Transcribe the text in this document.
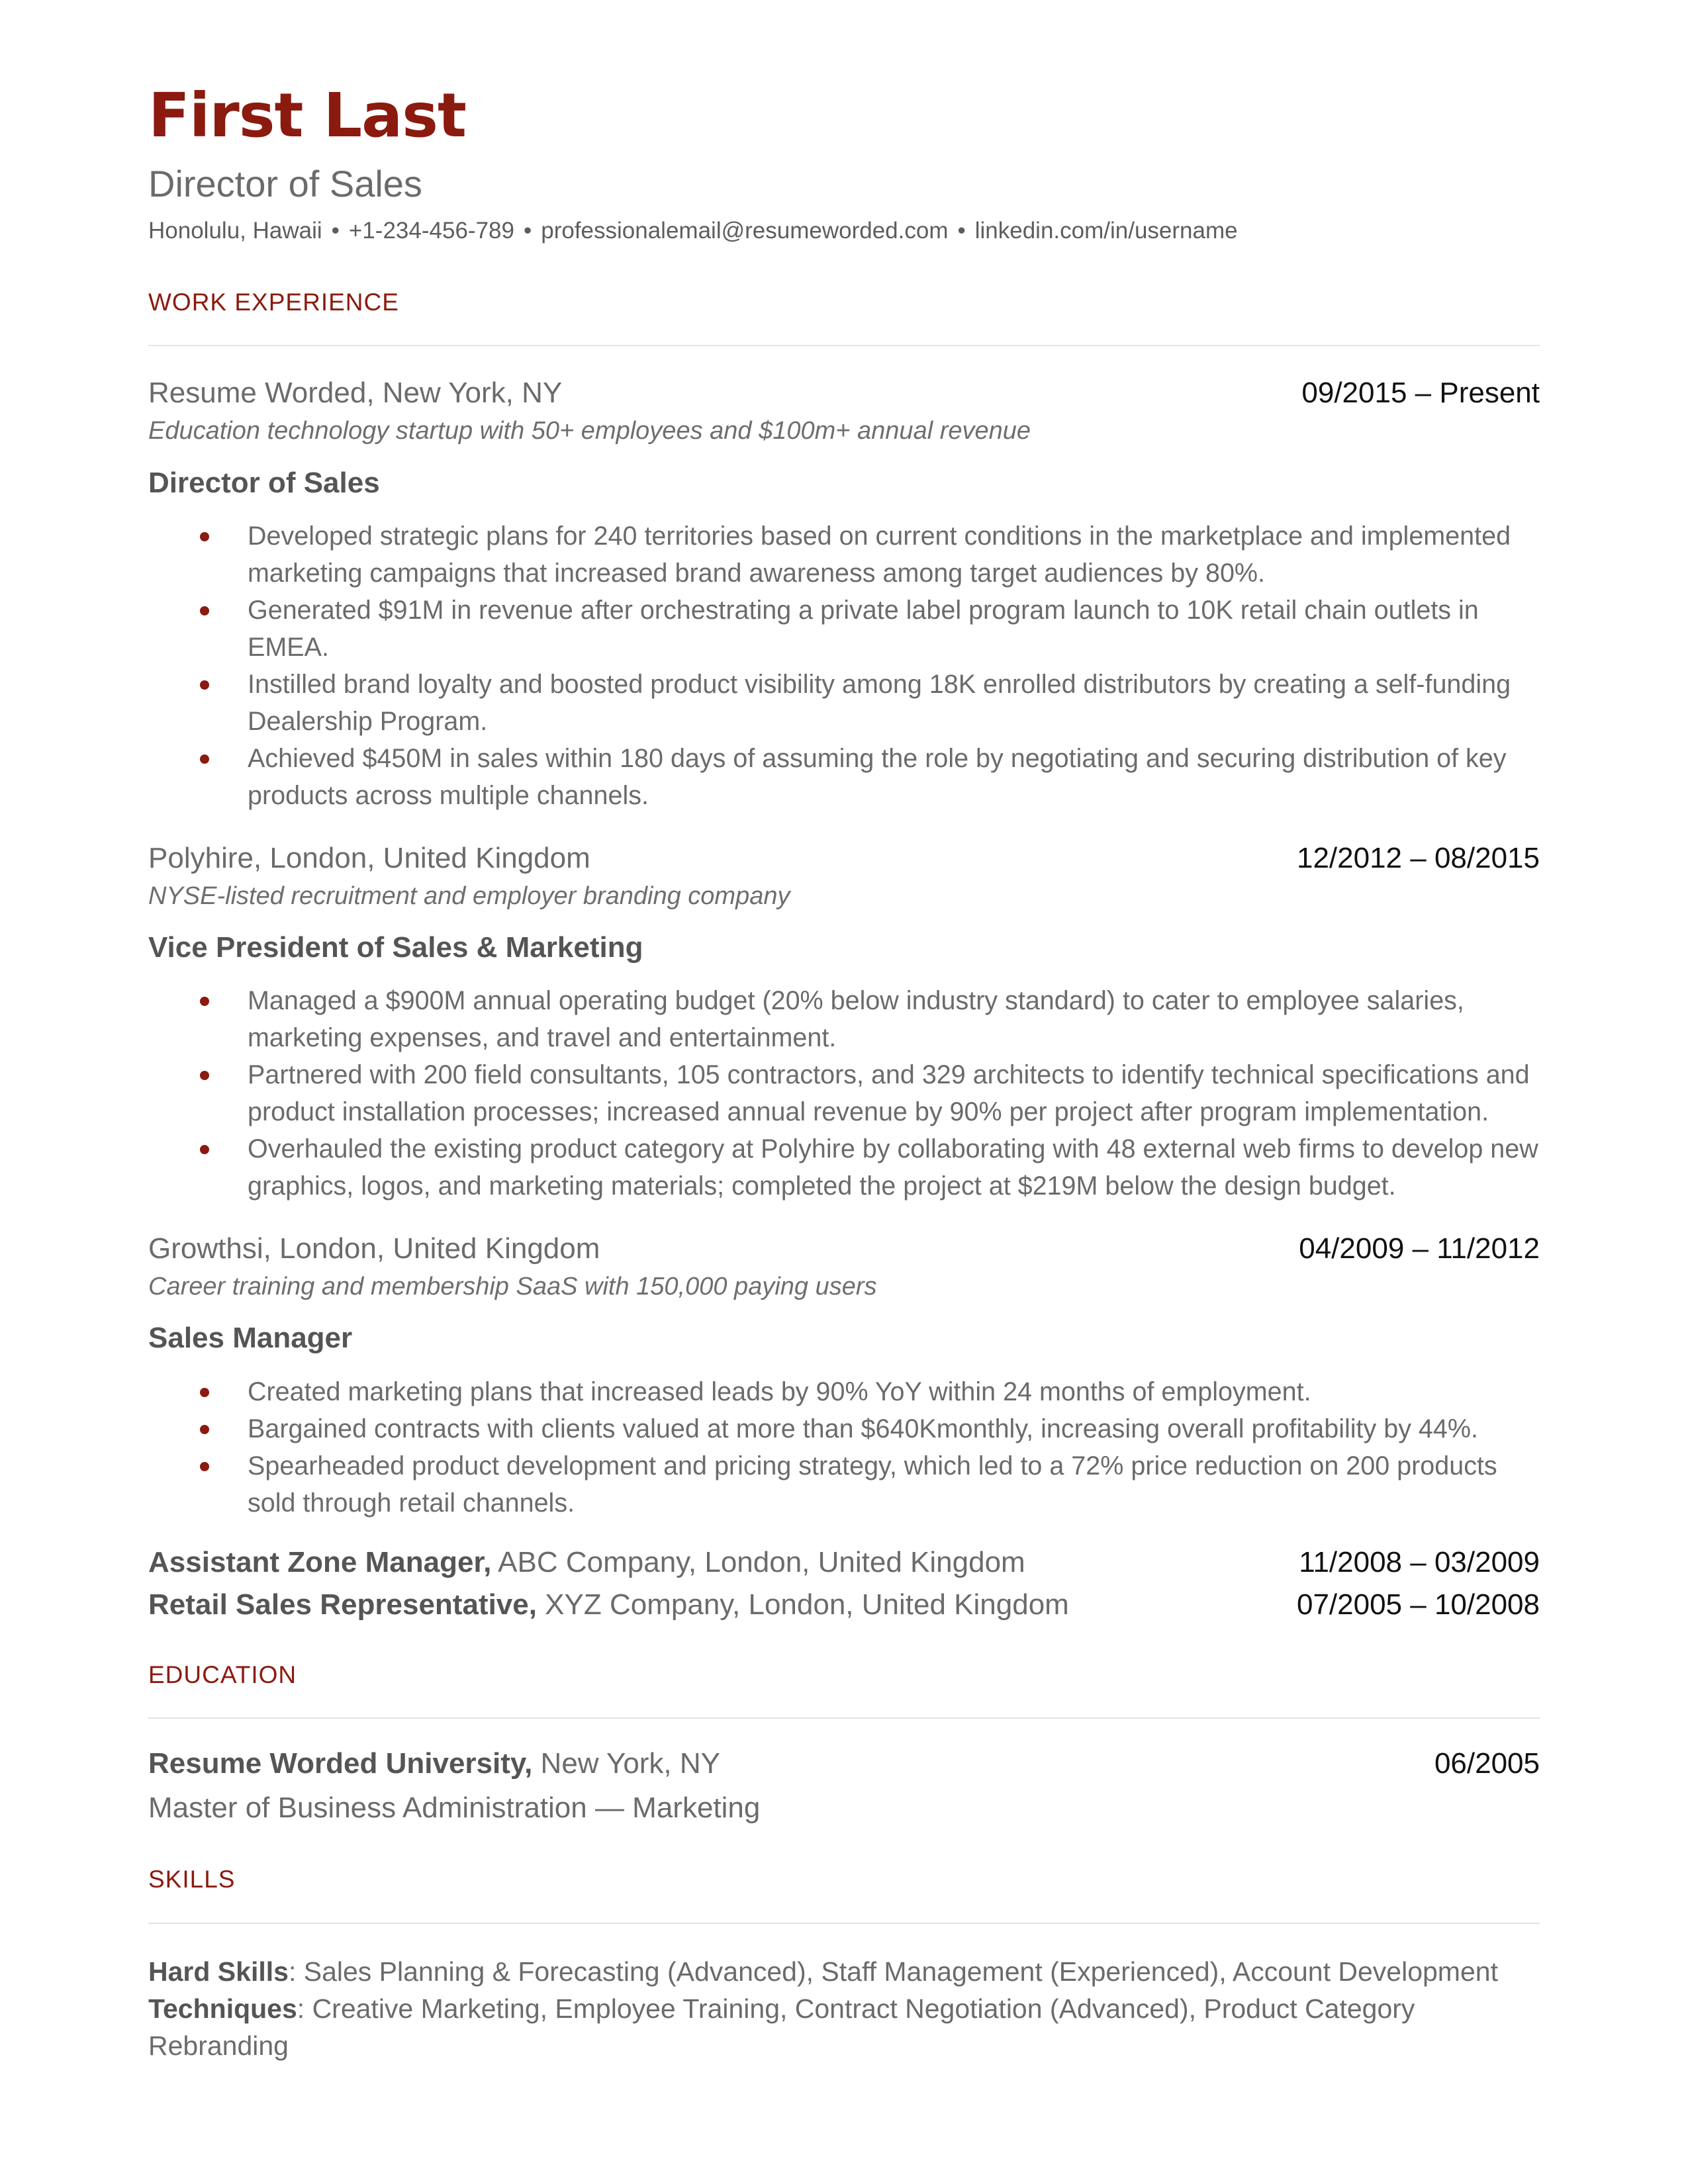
First Last
Director of Sales
Honolulu, Hawaii • +1-234-456-789 • professionalemail@resumeworded.com • linkedin.com/in/username
WORK EXPERIENCE
Resume Worded, New York, NY	09/2015 – Present
Education technology startup with 50+ employees and $100m+ annual revenue
Director of Sales
Developed strategic plans for 240 territories based on current conditions in the marketplace and implemented marketing campaigns that increased brand awareness among target audiences by 80%.
Generated $91M in revenue after orchestrating a private label program launch to 10K retail chain outlets in EMEA.
Instilled brand loyalty and boosted product visibility among 18K enrolled distributors by creating a self-funding Dealership Program.
Achieved $450M in sales within 180 days of assuming the role by negotiating and securing distribution of key products across multiple channels.
Polyhire, London, United Kingdom	12/2012 – 08/2015
NYSE-listed recruitment and employer branding company
Vice President of Sales & Marketing
Managed a $900M annual operating budget (20% below industry standard) to cater to employee salaries, marketing expenses, and travel and entertainment.
Partnered with 200 field consultants, 105 contractors, and 329 architects to identify technical specifications and product installation processes; increased annual revenue by 90% per project after program implementation.
Overhauled the existing product category at Polyhire by collaborating with 48 external web firms to develop new graphics, logos, and marketing materials; completed the project at $219M below the design budget.
Growthsi, London, United Kingdom	04/2009 – 11/2012
Career training and membership SaaS with 150,000 paying users
Sales Manager
Created marketing plans that increased leads by 90% YoY within 24 months of employment.
Bargained contracts with clients valued at more than $640Kmonthly, increasing overall profitability by 44%.
Spearheaded product development and pricing strategy, which led to a 72% price reduction on 200 products sold through retail channels.
Assistant Zone Manager, ABC Company, London, United Kingdom	11/2008 – 03/2009
Retail Sales Representative, XYZ Company, London, United Kingdom	07/2005 – 10/2008
EDUCATION
Resume Worded University, New York, NY	06/2005
Master of Business Administration — Marketing
SKILLS
Hard Skills: Sales Planning & Forecasting (Advanced), Staff Management (Experienced), Account Development
Techniques: Creative Marketing, Employee Training, Contract Negotiation (Advanced), Product Category Rebranding
